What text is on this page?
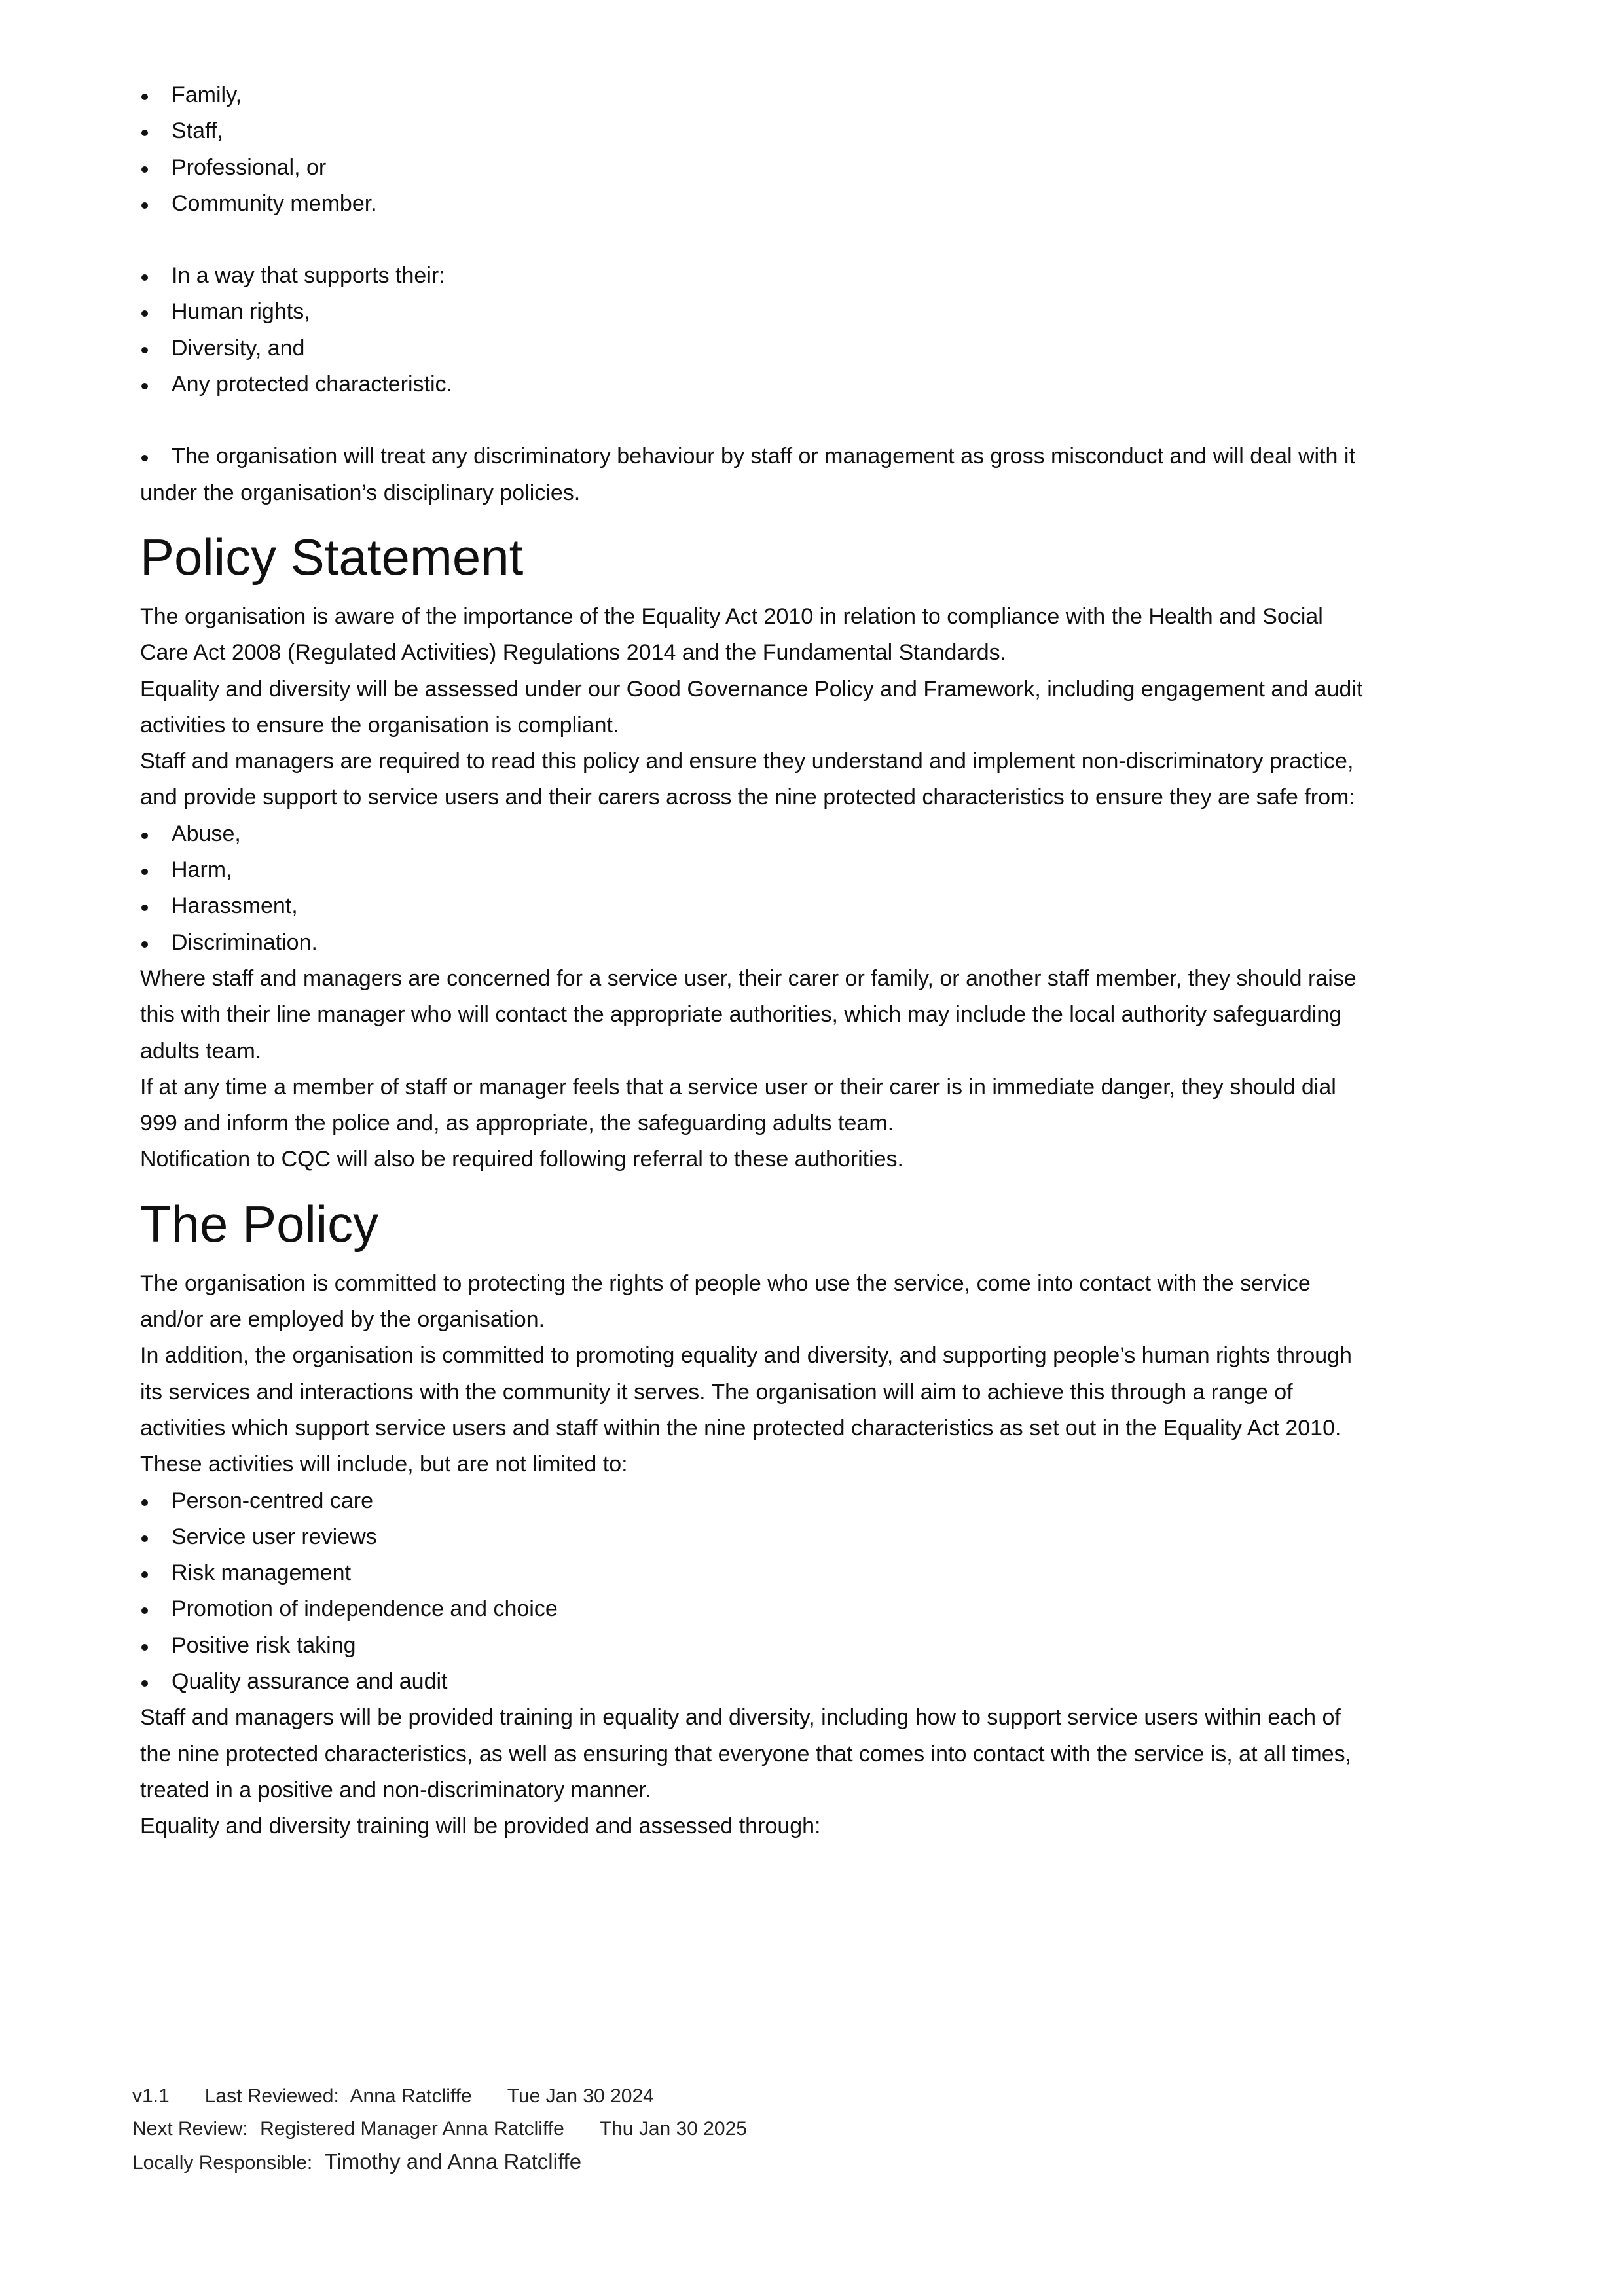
Family,
Staff,
Professional, or
Community member.
In a way that supports their:
Human rights,
Diversity, and
Any protected characteristic.

The organisation will treat any discriminatory behaviour by staff or management as gross misconduct and will deal with it under the organisation’s disciplinary policies.

Policy Statement

The organisation is aware of the importance of the Equality Act 2010 in relation to compliance with the Health and Social Care Act 2008 (Regulated Activities) Regulations 2014 and the Fundamental Standards.

Equality and diversity will be assessed under our Good Governance Policy and Framework, including engagement and audit activities to ensure the organisation is compliant.

Staff and managers are required to read this policy and ensure they understand and implement non-discriminatory practice, and provide support to service users and their carers across the nine protected characteristics to ensure they are safe from:

Abuse,
Harm,
Harassment,
Discrimination.

Where staff and managers are concerned for a service user, their carer or family, or another staff member, they should raise this with their line manager who will contact the appropriate authorities, which may include the local authority safeguarding adults team.

If at any time a member of staff or manager feels that a service user or their carer is in immediate danger, they should dial 999 and inform the police and, as appropriate, the safeguarding adults team.

Notification to CQC will also be required following referral to these authorities.

The Policy

The organisation is committed to protecting the rights of people who use the service, come into contact with the service and/or are employed by the organisation.

In addition, the organisation is committed to promoting equality and diversity, and supporting people’s human rights through its services and interactions with the community it serves. The organisation will aim to achieve this through a range of activities which support service users and staff within the nine protected characteristics as set out in the Equality Act 2010.

These activities will include, but are not limited to:

Person-centred care
Service user reviews
Risk management
Promotion of independence and choice
Positive risk taking
Quality assurance and audit

Staff and managers will be provided training in equality and diversity, including how to support service users within each of the nine protected characteristics, as well as ensuring that everyone that comes into contact with the service is, at all times, treated in a positive and non-discriminatory manner.

Equality and diversity training will be provided and assessed through:

v1.1 Last Reviewed: Anna Ratcliffe Tue Jan 30 2024
Next Review: Registered Manager Anna Ratcliffe Thu Jan 30 2025
Locally Responsible: Timothy and Anna Ratcliffe
